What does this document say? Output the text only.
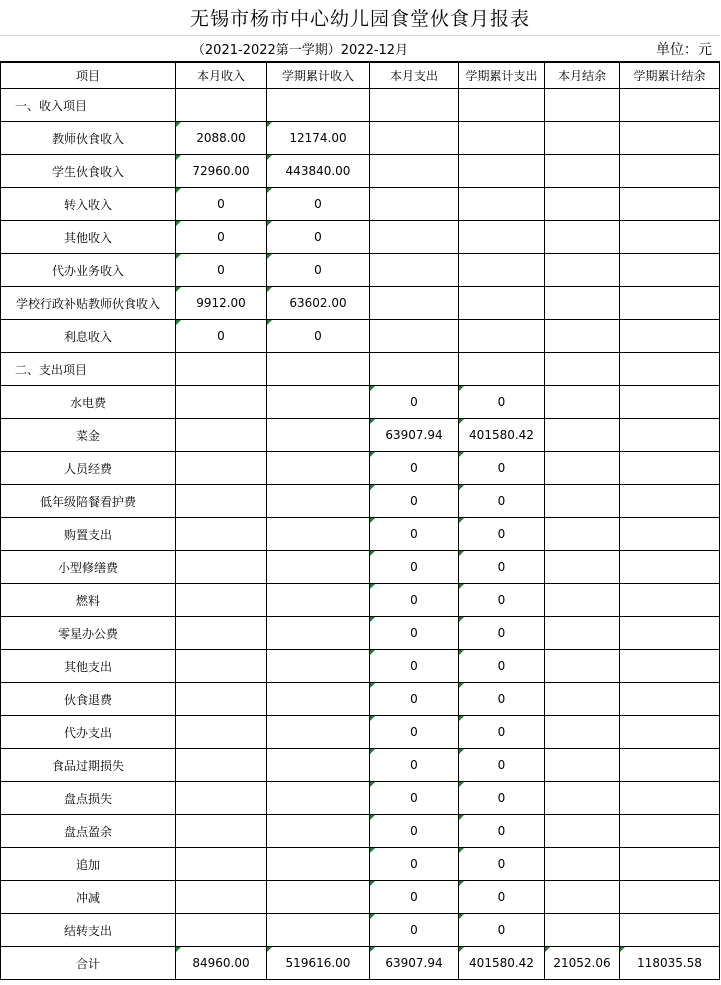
无锡市杨市中心幼儿园食堂伙食月报表
（2021-2022第一学期）2022-12月	单位：元
项目	本月收入	学期累计收入	本月支出	学期累计支出	本月结余	学期累计结余
一、收入项目						
教师伙食收入	2088.00	12174.00				
学生伙食收入	72960.00	443840.00				
转入收入	0	0				
其他收入	0	0				
代办业务收入	0	0				
学校行政补贴教师伙食收入	9912.00	63602.00				
利息收入	0	0				
二、支出项目						
水电费			0	0		
菜金			63907.94	401580.42		
人员经费			0	0		
低年级陪餐看护费			0	0		
购置支出			0	0		
小型修缮费			0	0		
燃料			0	0		
零星办公费			0	0		
其他支出			0	0		
伙食退费			0	0		
代办支出			0	0		
食品过期损失			0	0		
盘点损失			0	0		
盘点盈余			0	0		
追加			0	0		
冲减			0	0		
结转支出			0	0		
合计	84960.00	519616.00	63907.94	401580.42	21052.06	118035.58
